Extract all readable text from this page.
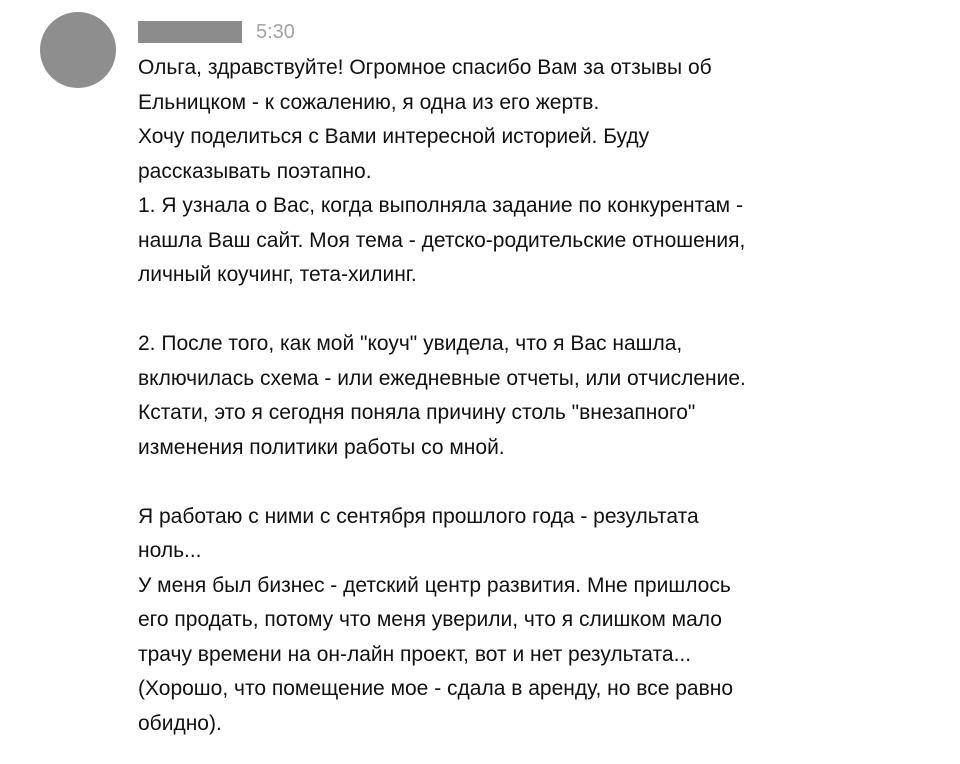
5:30
Ольга, здравствуйте! Огромное спасибо Вам за отзывы об
Ельницком - к сожалению, я одна из его жертв.
Хочу поделиться с Вами интересной историей. Буду
рассказывать поэтапно.
1. Я узнала о Вас, когда выполняла задание по конкурентам -
нашла Ваш сайт. Моя тема - детско-родительские отношения,
личный коучинг, тета-хилинг.
2. После того, как мой "коуч" увидела, что я Вас нашла,
включилась схема - или ежедневные отчеты, или отчисление.
Кстати, это я сегодня поняла причину столь "внезапного"
изменения политики работы со мной.
Я работаю с ними с сентября прошлого года - результата
ноль...
У меня был бизнес - детский центр развития. Мне пришлось
его продать, потому что меня уверили, что я слишком мало
трачу времени на он-лайн проект, вот и нет результата...
(Хорошо, что помещение мое - сдала в аренду, но все равно
обидно).
